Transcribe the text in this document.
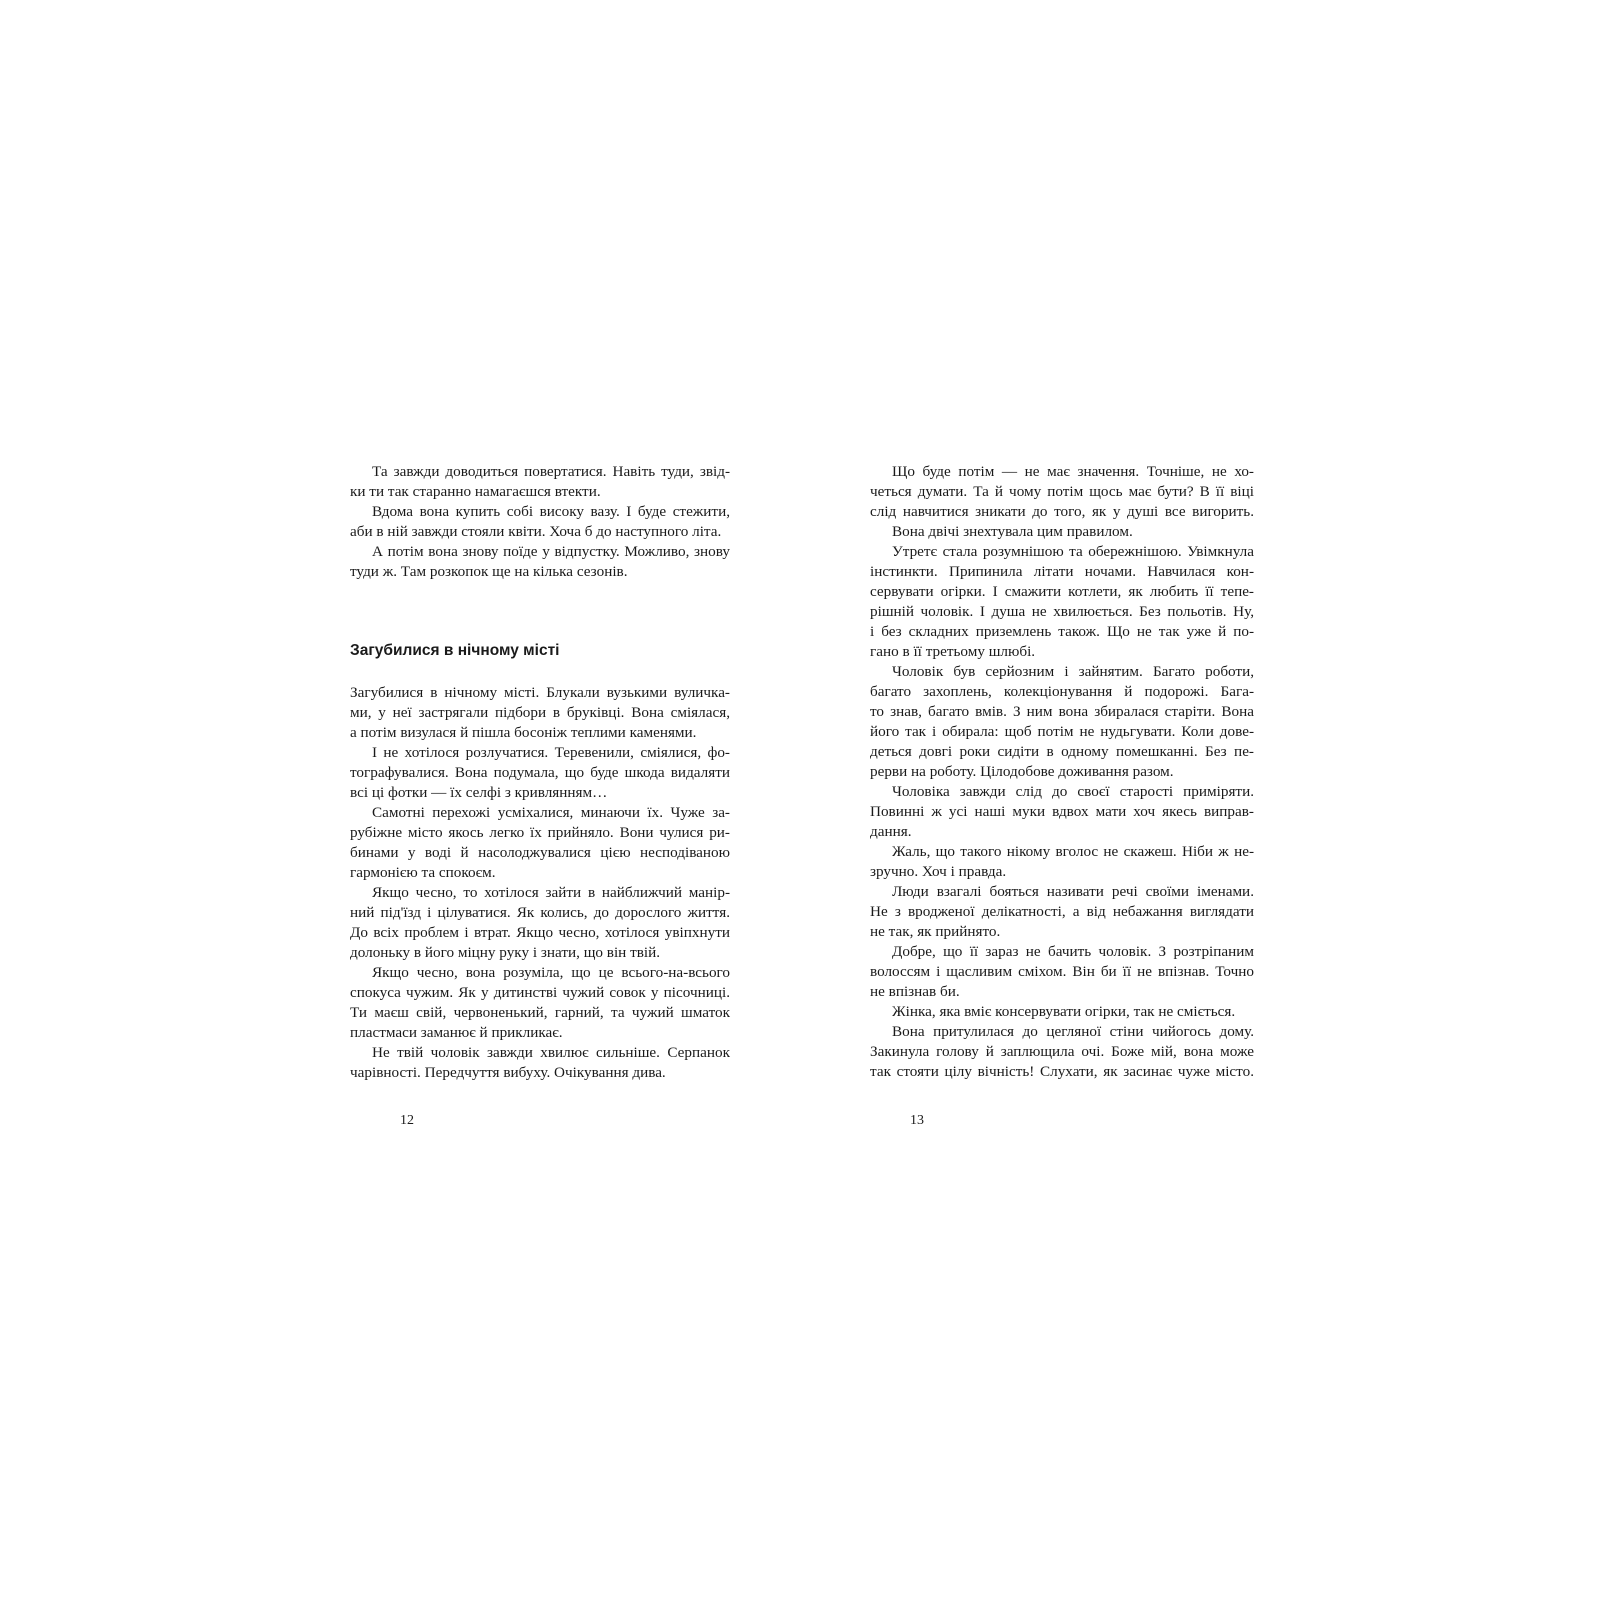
Та завжди доводиться повертатися. Навіть туди, звід-
ки ти так старанно намагаєшся втекти.
Вдома вона купить собі високу вазу. І буде стежити,
аби в ній завжди стояли квіти. Хоча б до наступного літа.
А потім вона знову поїде у відпустку. Можливо, знову
туди ж. Там розкопок ще на кілька сезонів.
Загубилися в нічному місті
Загубилися в нічному місті. Блукали вузькими вуличка-
ми, у неї застрягали підбори в бруківці. Вона сміялася,
а потім визулася й пішла босоніж теплими каменями.
І не хотілося розлучатися. Теревенили, сміялися, фо-
тографувалися. Вона подумала, що буде шкода видаляти
всі ці фотки — їх селфі з кривлянням…
Самотні перехожі усміхалися, минаючи їх. Чуже за-
рубіжне місто якось легко їх прийняло. Вони чулися ри-
бинами у воді й насолоджувалися цією несподіваною
гармонією та спокоєм.
Якщо чесно, то хотілося зайти в найближчий манір-
ний під'їзд і цілуватися. Як колись, до дорослого життя.
До всіх проблем і втрат. Якщо чесно, хотілося увіпхнути
долоньку в його міцну руку і знати, що він твій.
Якщо чесно, вона розуміла, що це всього-на-всього
спокуса чужим. Як у дитинстві чужий совок у пісочниці.
Ти маєш свій, червоненький, гарний, та чужий шматок
пластмаси заманює й прикликає.
Не твій чоловік завжди хвилює сильніше. Серпанок
чарівності. Передчуття вибуху. Очікування дива.
12
Що буде потім — не має значення. Точніше, не хо-
четься думати. Та й чому потім щось має бути? В її віці
слід навчитися зникати до того, як у душі все вигорить.
Вона двічі знехтувала цим правилом.
Утретє стала розумнішою та обережнішою. Увімкнула
інстинкти. Припинила літати ночами. Навчилася кон-
сервувати огірки. І смажити котлети, як любить її тепе-
рішній чоловік. І душа не хвилюється. Без польотів. Ну,
і без складних приземлень також. Що не так уже й по-
гано в її третьому шлюбі.
Чоловік був серйозним і зайнятим. Багато роботи,
багато захоплень, колекціонування й подорожі. Бага-
то знав, багато вмів. З ним вона збиралася старіти. Вона
його так і обирала: щоб потім не нудьгувати. Коли дове-
деться довгі роки сидіти в одному помешканні. Без пе-
рерви на роботу. Цілодобове доживання разом.
Чоловіка завжди слід до своєї старості приміряти.
Повинні ж усі наші муки вдвох мати хоч якесь виправ-
дання.
Жаль, що такого нікому вголос не скажеш. Ніби ж не-
зручно. Хоч і правда.
Люди взагалі бояться називати речі своїми іменами.
Не з вродженої делікатності, а від небажання виглядати
не так, як прийнято.
Добре, що її зараз не бачить чоловік. З розтріпаним
волоссям і щасливим сміхом. Він би її не впізнав. Точно
не впізнав би.
Жінка, яка вміє консервувати огірки, так не сміється.
Вона притулилася до цегляної стіни чийогось дому.
Закинула голову й заплющила очі. Боже мій, вона може
так стояти цілу вічність! Слухати, як засинає чуже місто.
13
